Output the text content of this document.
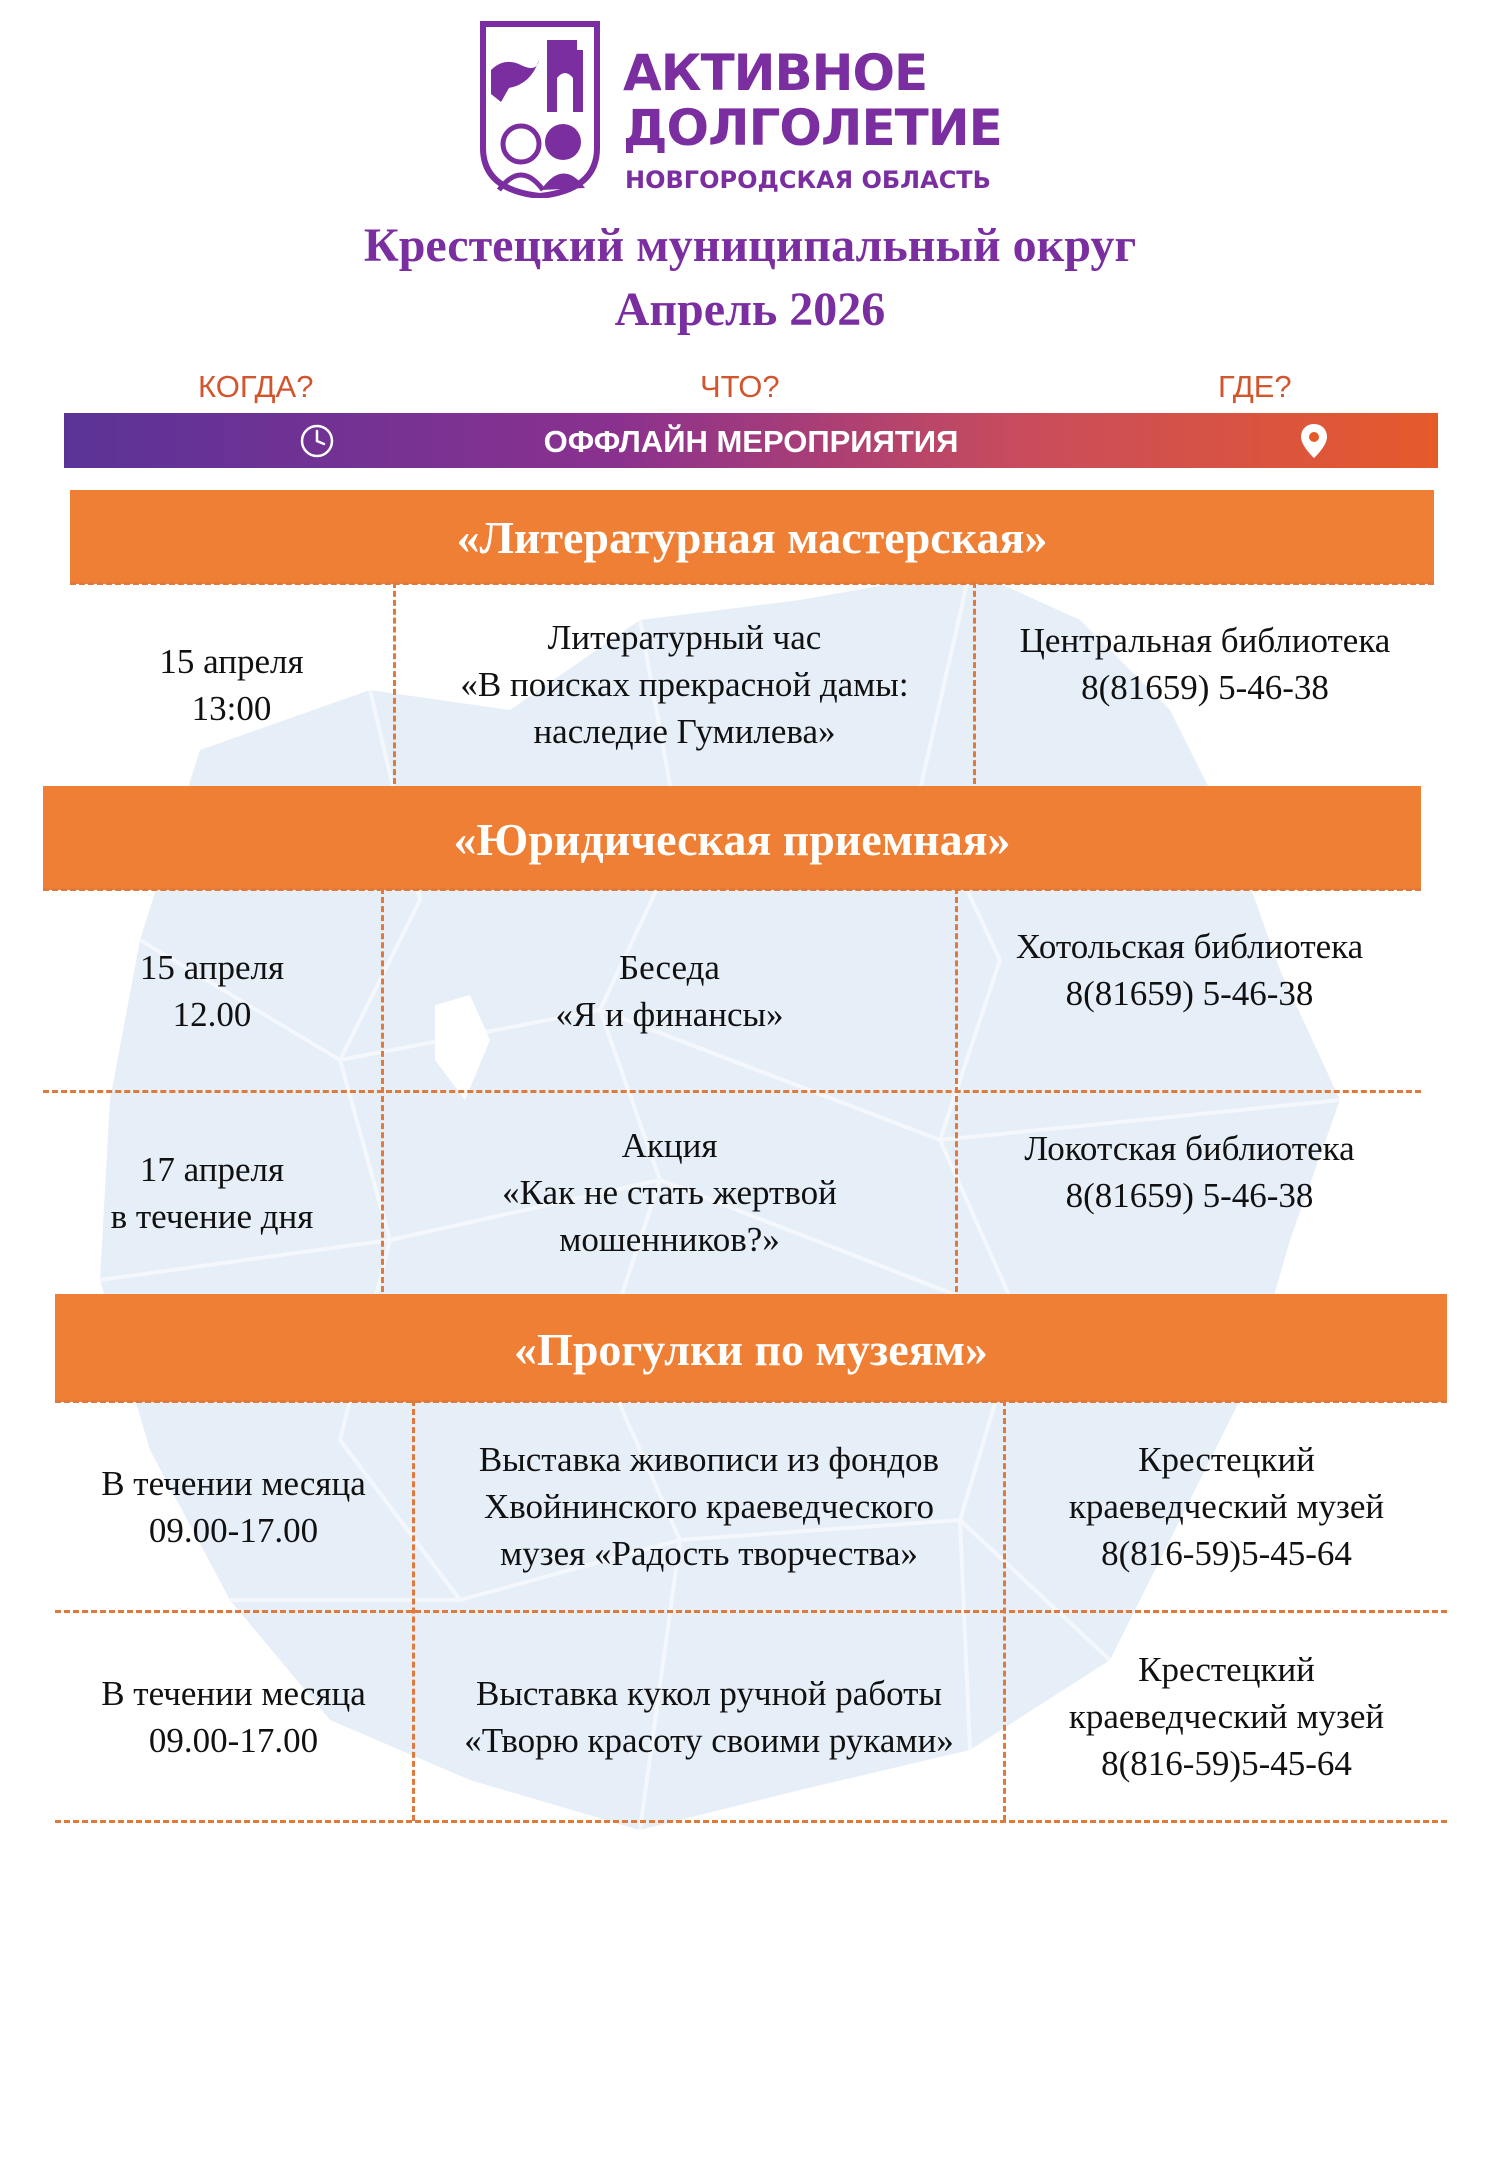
АКТИВНОЕ
ДОЛГОЛЕТИЕ
НОВГОРОДСКАЯ ОБЛАСТЬ
Крестецкий муниципальный округ
Апрель 2026
КОГДА?	ЧТО?	ГДЕ?
ОФФЛАЙН МЕРОПРИЯТИЯ
«Литературная мастерская»
15 апреля
13:00
Литературный час
«В поисках прекрасной дамы:
наследие Гумилева»
Центральная библиотека
8(81659) 5-46-38
«Юридическая приемная»
15 апреля
12.00
Беседа
«Я и финансы»
Хотольская библиотека
8(81659) 5-46-38
17 апреля
в течение дня
Акция
«Как не стать жертвой
мошенников?»
Локотская библиотека
8(81659) 5-46-38
«Прогулки по музеям»
В течении месяца
09.00-17.00
Выставка живописи из фондов
Хвойнинского краеведческого
музея «Радость творчества»
Крестецкий
краеведческий музей
8(816-59)5-45-64
В течении месяца
09.00-17.00
Выставка кукол ручной работы
«Творю красоту своими руками»
Крестецкий
краеведческий музей
8(816-59)5-45-64
